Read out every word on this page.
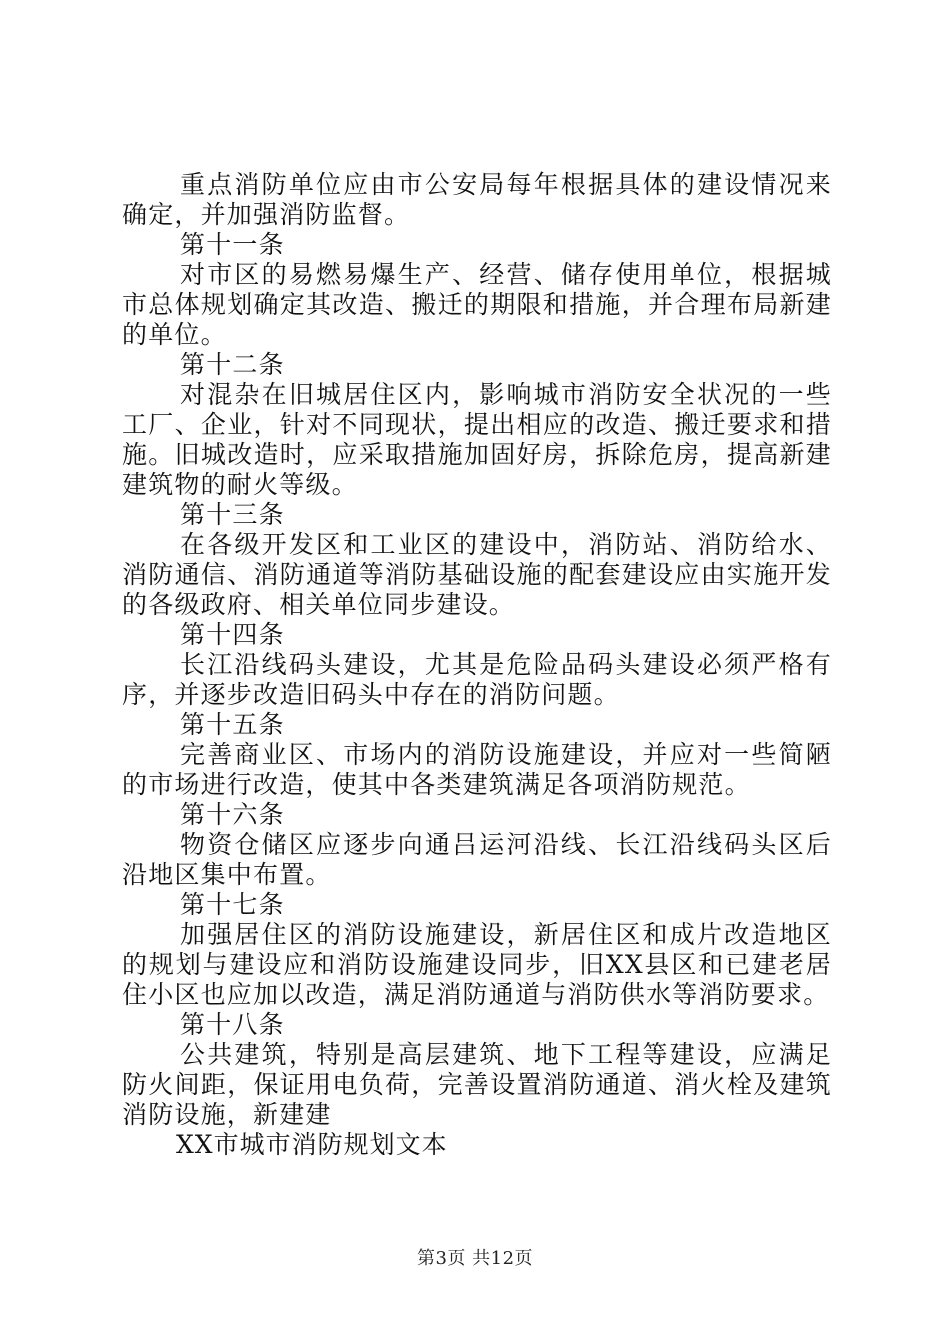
重点消防单位应由市公安局每年根据具体的建设情况来确定，并加强消防监督。

第十一条

对市区的易燃易爆生产、经营、储存使用单位，根据城市总体规划确定其改造、搬迁的期限和措施，并合理布局新建的单位。

第十二条

对混杂在旧城居住区内，影响城市消防安全状况的一些工厂、企业，针对不同现状，提出相应的改造、搬迁要求和措施。旧城改造时，应采取措施加固好房，拆除危房，提高新建建筑物的耐火等级。

第十三条

在各级开发区和工业区的建设中，消防站、消防给水、消防通信、消防通道等消防基础设施的配套建设应由实施开发的各级政府、相关单位同步建设。

第十四条

长江沿线码头建设，尤其是危险品码头建设必须严格有序，并逐步改造旧码头中存在的消防问题。

第十五条

完善商业区、市场内的消防设施建设，并应对一些简陋的市场进行改造，使其中各类建筑满足各项消防规范。

第十六条

物资仓储区应逐步向通吕运河沿线、长江沿线码头区后沿地区集中布置。

第十七条

加强居住区的消防设施建设，新居住区和成片改造地区的规划与建设应和消防设施建设同步，旧XX县区和已建老居住小区也应加以改造，满足消防通道与消防供水等消防要求。

第十八条

公共建筑，特别是高层建筑、地下工程等建设，应满足防火间距，保证用电负荷，完善设置消防通道、消火栓及建筑消防设施，新建建

XX市城市消防规划文本

第3页 共12页
